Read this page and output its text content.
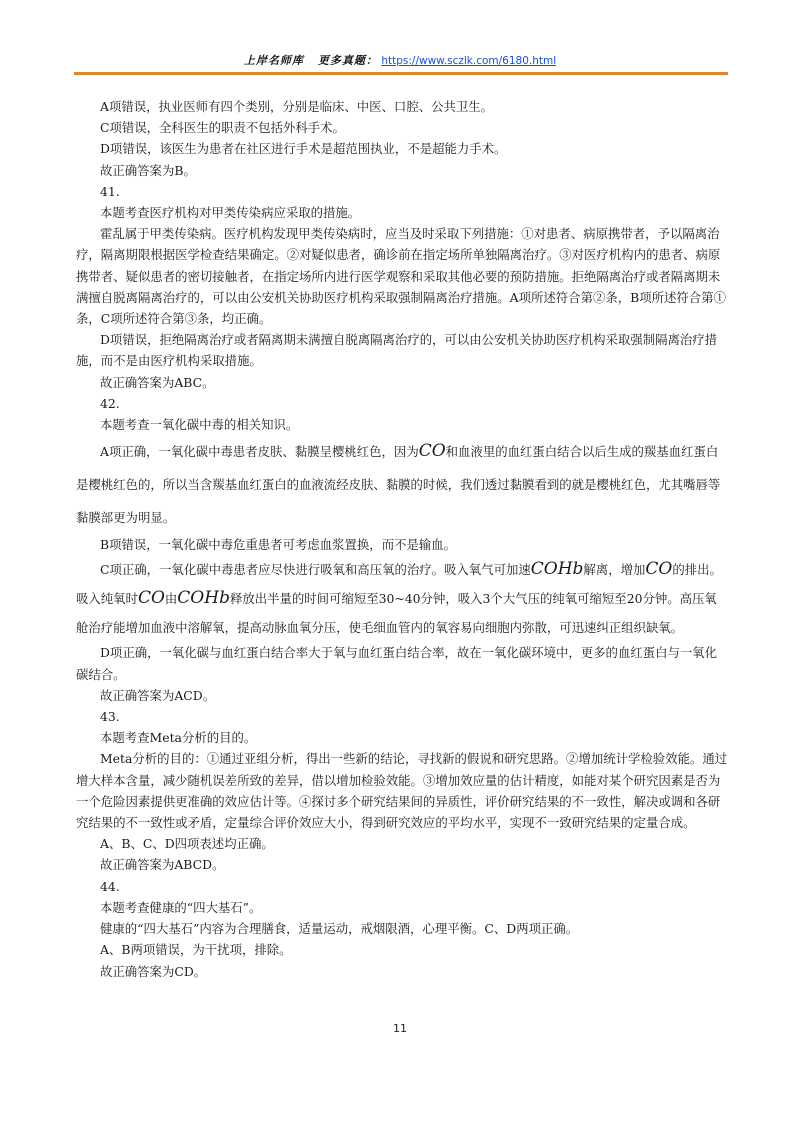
上岸名师库 更多真题： https://www.sczlk.com/6180.html

A项错误，执业医师有四个类别，分别是临床、中医、口腔、公共卫生。

C项错误，全科医生的职责不包括外科手术。

D项错误，该医生为患者在社区进行手术是超范围执业，不是超能力手术。

故正确答案为B。

41.

本题考查医疗机构对甲类传染病应采取的措施。

霍乱属于甲类传染病。医疗机构发现甲类传染病时，应当及时采取下列措施：①对患者、病原携带者，予以隔离治疗，隔离期限根据医学检查结果确定。②对疑似患者，确诊前在指定场所单独隔离治疗。③对医疗机构内的患者、病原携带者、疑似患者的密切接触者，在指定场所内进行医学观察和采取其他必要的预防措施。拒绝隔离治疗或者隔离期未满擅自脱离隔离治疗的，可以由公安机关协助医疗机构采取强制隔离治疗措施。A项所述符合第②条，B项所述符合第①条，C项所述符合第③条，均正确。

D项错误，拒绝隔离治疗或者隔离期未满擅自脱离隔离治疗的，可以由公安机关协助医疗机构采取强制隔离治疗措施，而不是由医疗机构采取措施。

故正确答案为ABC。

42.

本题考查一氧化碳中毒的相关知识。

A项正确，一氧化碳中毒患者皮肤、黏膜呈樱桃红色，因为CO和血液里的血红蛋白结合以后生成的羰基血红蛋白是樱桃红色的，所以当含羰基血红蛋白的血液流经皮肤、黏膜的时候，我们透过黏膜看到的就是樱桃红色，尤其嘴唇等黏膜部更为明显。

B项错误，一氧化碳中毒危重患者可考虑血浆置换，而不是输血。

C项正确，一氧化碳中毒患者应尽快进行吸氧和高压氧的治疗。吸入氧气可加速COHb解离，增加CO的排出。吸入纯氧时CO由COHb释放出半量的时间可缩短至30~40分钟，吸入3个大气压的纯氧可缩短至20分钟。高压氧舱治疗能增加血液中溶解氧，提高动脉血氧分压，使毛细血管内的氧容易向细胞内弥散，可迅速纠正组织缺氧。

D项正确，一氧化碳与血红蛋白结合率大于氧与血红蛋白结合率，故在一氧化碳环境中，更多的血红蛋白与一氧化碳结合。

故正确答案为ACD。

43.

本题考查Meta分析的目的。

Meta分析的目的：①通过亚组分析，得出一些新的结论，寻找新的假说和研究思路。②增加统计学检验效能。通过增大样本含量，减少随机误差所致的差异，借以增加检验效能。③增加效应量的估计精度，如能对某个研究因素是否为一个危险因素提供更准确的效应估计等。④探讨多个研究结果间的异质性，评价研究结果的不一致性，解决或调和各研究结果的不一致性或矛盾，定量综合评价效应大小，得到研究效应的平均水平，实现不一致研究结果的定量合成。

A、B、C、D四项表述均正确。

故正确答案为ABCD。

44.

本题考查健康的“四大基石”。

健康的“四大基石”内容为合理膳食，适量运动，戒烟限酒，心理平衡。C、D两项正确。

A、B两项错误，为干扰项，排除。

故正确答案为CD。

11
